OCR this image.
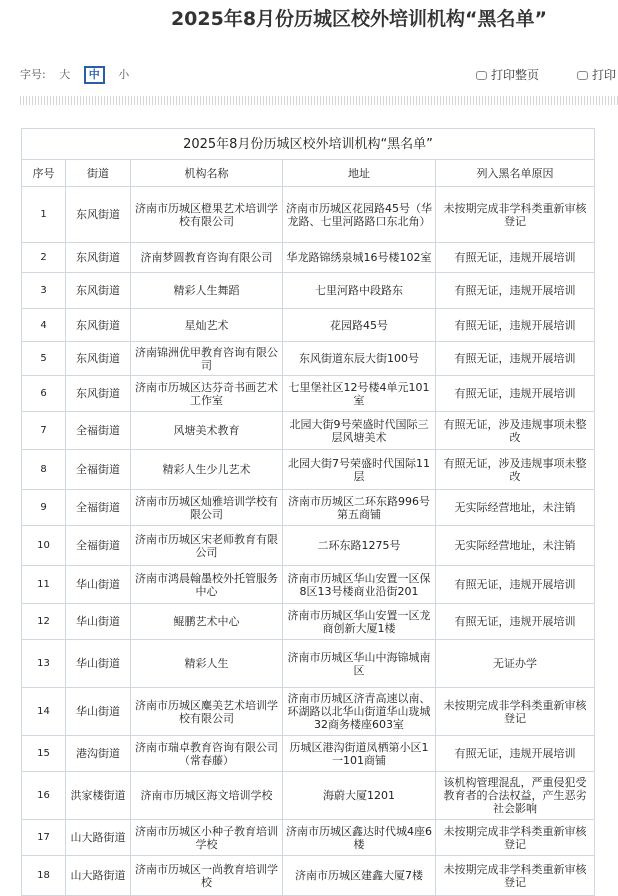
2025年8月份历城区校外培训机构“黑名单”
字号: 大 中 小	打印整页	打印
2025年8月份历城区校外培训机构“黑名单”				
序号	街道	机构名称	地址	列入黑名单原因
1	东风街道	济南市历城区橙果艺术培训学校有限公司	济南市历城区花园路45号（华龙路、七里河路路口东北角）	未按期完成非学科类重新审核登记
2	东风街道	济南梦圆教育咨询有限公司	华龙路锦绣泉城16号楼102室	有照无证，违规开展培训
3	东风街道	精彩人生舞蹈	七里河路中段路东	有照无证，违规开展培训
4	东风街道	星灿艺术	花园路45号	有照无证，违规开展培训
5	东风街道	济南锦洲优甲教育咨询有限公司	东风街道东辰大街100号	有照无证，违规开展培训
6	东风街道	济南市历城区达芬奇书画艺术工作室	七里堡社区12号楼4单元101室	有照无证，违规开展培训
7	全福街道	风塘美术教育	北园大街9号荣盛时代国际三层风塘美术	有照无证，涉及违规事项未整改
8	全福街道	精彩人生少儿艺术	北园大街7号荣盛时代国际11层	有照无证，涉及违规事项未整改
9	全福街道	济南市历城区灿雅培训学校有限公司	济南市历城区二环东路996号第五商铺	无实际经营地址，未注销
10	全福街道	济南市历城区宋老师教育有限公司	二环东路1275号	无实际经营地址，未注销
11	华山街道	济南市鸿晨翰墨校外托管服务中心	济南市历城区华山安置一区保8区13号楼商业沿街201	有照无证，违规开展培训
12	华山街道	鲲鹏艺术中心	济南市历城区华山安置一区龙商创新大厦1楼	有照无证，违规开展培训
13	华山街道	精彩人生	济南市历城区华山中海锦城南区	无证办学
14	华山街道	济南市历城区麋美艺术培训学校有限公司	济南市历城区济青高速以南、环湖路以北华山街道华山珑城32商务楼座603室	未按期完成非学科类重新审核登记
15	港沟街道	济南市瑞卓教育咨询有限公司（常春藤）	历城区港沟街道凤栖第小区1一101商铺	有照无证，违规开展培训
16	洪家楼街道	济南市历城区海文培训学校	海蔚大厦1201	该机构管理混乱，严重侵犯受教育者的合法权益，产生恶劣社会影响
17	山大路街道	济南市历城区小种子教育培训学校	济南市历城区鑫达时代城4座6楼	未按期完成非学科类重新审核登记
18	山大路街道	济南市历城区一尚教育培训学校	济南市历城区建鑫大厦7楼	未按期完成非学科类重新审核登记
